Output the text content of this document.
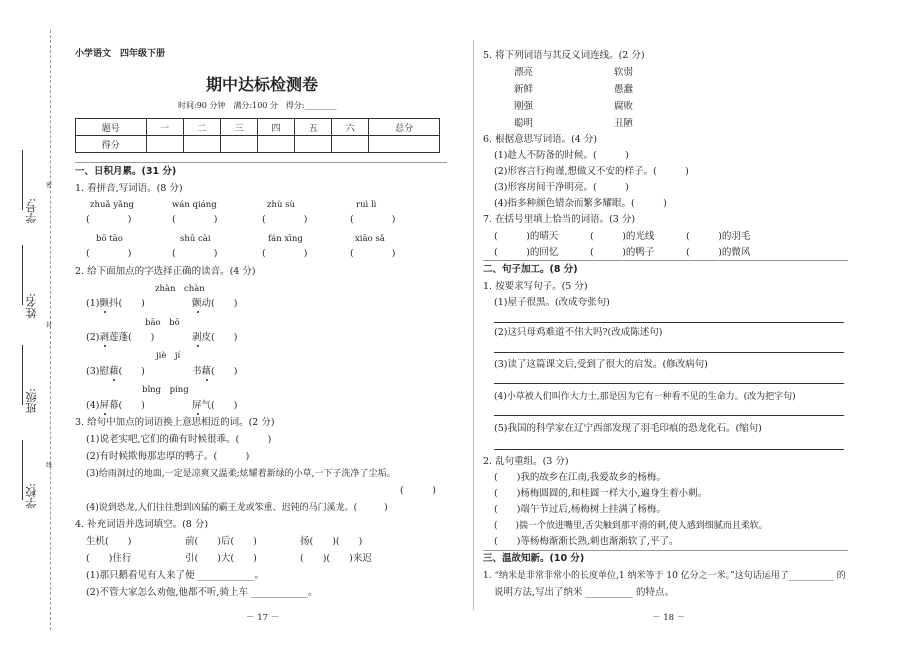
学号:
姓名:
班级:
学校:
密
封
线
小学语文　四年级下册
期中达标检测卷
时间:90 分钟　满分:100 分　得分:________
题号	一	二	三	四	五	六	总分
得分							
一、日积月累。(31 分)
1. 看拼音,写词语。(8 分)
zhuǎ yǎng	wán qiáng	zhù sù	ruì lì
(　　　　)	(　　　　)	(　　　　)	(　　　　)
bō tāo	shū cài	fán xīng	xiāo sǎ
(　　　　)	(　　　　)	(　　　　)	(　　　　)
2. 给下面加点的字选择正确的读音。(4 分)
zhàn　chàn
(1)颤抖(　　)	颤动(　　)
bāo　bō
(2)剥莲蓬(　　)	剥皮(　　)
jiè　jí
(3)慰藉(　　)	书藉(　　)
bǐng　píng
(4)屏幕(　　)	屏气(　　)
3. 给句中加点的词语换上意思相近的词。(2 分)
(1)说老实吧,它们的确有时候很乖。(　　　)
(2)有时候欺侮那忠厚的鸭子。(　　　)
(3)给雨洞过的地面,一定是凉爽又温柔;炫耀着新绿的小草,一下子洗净了尘垢。
(　　　)
(4)说到恐龙,人们往往想到凶猛的霸王龙或笨重、迟钝的马门溪龙。(　　　)
4. 补充词语并选词填空。(8 分)
生机(　　)	前(　　)后(　　)	扬(　　)(　　)
(　　)住行	引(　　)大(　　)	(　　)(　　)来迟
(1)那只鹅看见有人来了便 ____________。
(2)不管大家怎么劝他,他都不听,骑上车 ____________。
－ 17 －
5. 将下列词语与其反义词连线。(2 分)
漂亮
新鲜
刚强
聪明
软弱
愚蠢
腐败
丑陋
6. 根据意思写词语。(4 分)
(1)趁人不防备的时候。(　　　)
(2)形容言行拘谨,想做又不安的样子。(　　　)
(3)形容房间干净明亮。(　　　)
(4)指多种颜色错杂而繁多耀眼。(　　　)
7. 在括号里填上恰当的词语。(3 分)
(　　　)的晴天	(　　　)的光线	(　　　)的羽毛
(　　　)的回忆	(　　　)的鸭子	(　　　)的微风
二、句子加工。(8 分)
1. 按要求写句子。(5 分)
(1)屋子很黑。(改成夸张句)
(2)这只母鸡难道不伟大吗?(改成陈述句)
(3)读了这篇课文后,受到了很大的启发。(修改病句)
(4)小草被人们叫作大力士,那是因为它有一种看不见的生命力。(改为把字句)
(5)我国的科学家在辽宁西部发现了羽毛印痕的恐龙化石。(缩句)
2. 乱句重组。(3 分)
(　　)我的故乡在江南,我爱故乡的杨梅。
(　　)杨梅圆圆的,和桂圆一样大小,遍身生着小刺。
(　　)端午节过后,杨梅树上挂满了杨梅。
(　　)揣一个放进嘴里,舌尖触到那平滑的刺,使人感到细腻而且柔软。
(　　)等杨梅渐渐长熟,刺也渐渐软了,平了。
三、温故知新。(10 分)
1. “纳米是非常非常小的长度单位,1 纳米等于 10 亿分之一米。”这句话运用了__________ 的
说明方法,写出了纳米 __________ 的特点。
－ 18 －
